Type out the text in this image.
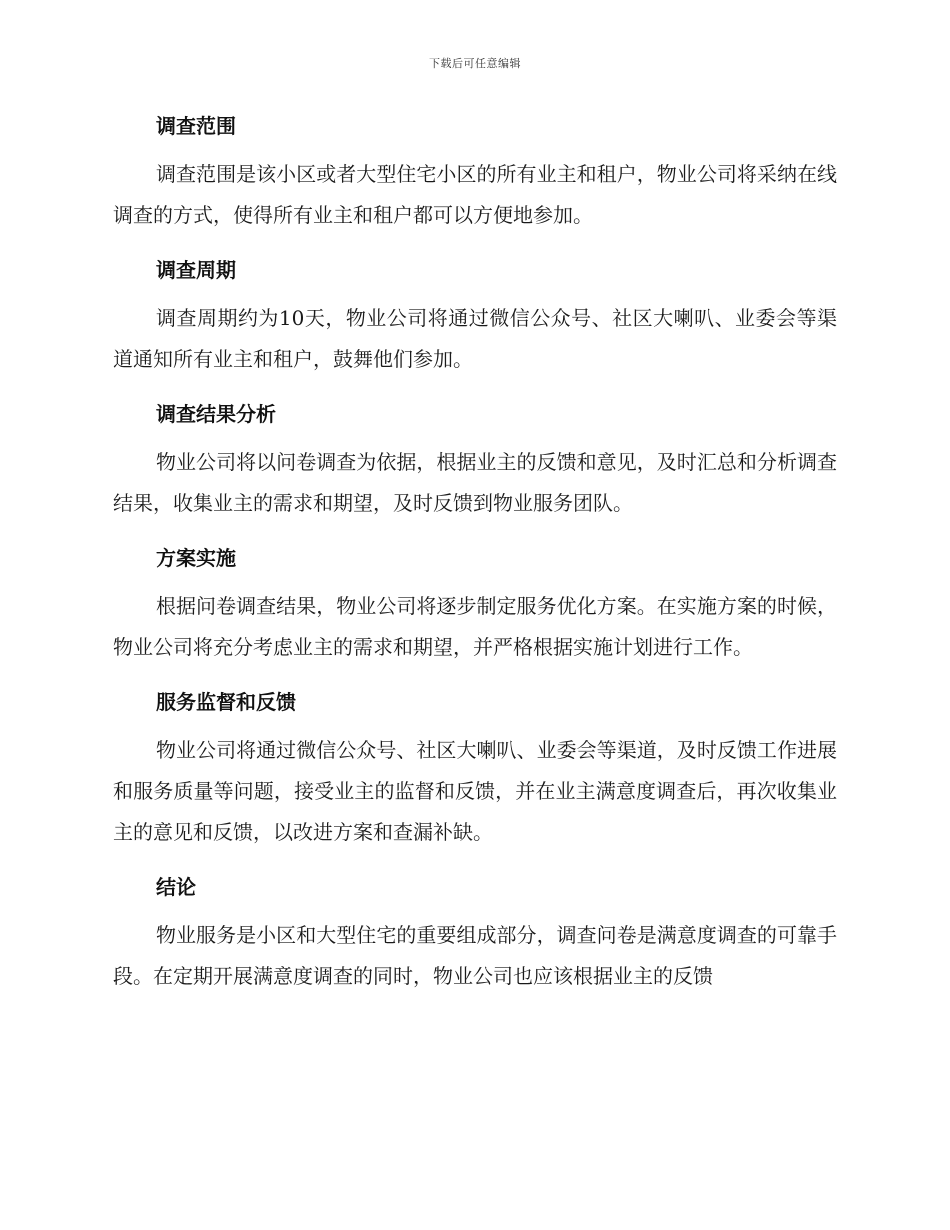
下载后可任意编辑
调查范围

调查范围是该小区或者大型住宅小区的所有业主和租户，物业公司将采纳在线调查的方式，使得所有业主和租户都可以方便地参加。

调查周期

调查周期约为10天，物业公司将通过微信公众号、社区大喇叭、业委会等渠道通知所有业主和租户，鼓舞他们参加。

调查结果分析

物业公司将以问卷调查为依据，根据业主的反馈和意见，及时汇总和分析调查结果，收集业主的需求和期望，及时反馈到物业服务团队。

方案实施

根据问卷调查结果，物业公司将逐步制定服务优化方案。在实施方案的时候，物业公司将充分考虑业主的需求和期望，并严格根据实施计划进行工作。

服务监督和反馈

物业公司将通过微信公众号、社区大喇叭、业委会等渠道，及时反馈工作进展和服务质量等问题，接受业主的监督和反馈，并在业主满意度调查后，再次收集业主的意见和反馈，以改进方案和查漏补缺。

结论

物业服务是小区和大型住宅的重要组成部分，调查问卷是满意度调查的可靠手段。在定期开展满意度调查的同时，物业公司也应该根据业主的反馈
